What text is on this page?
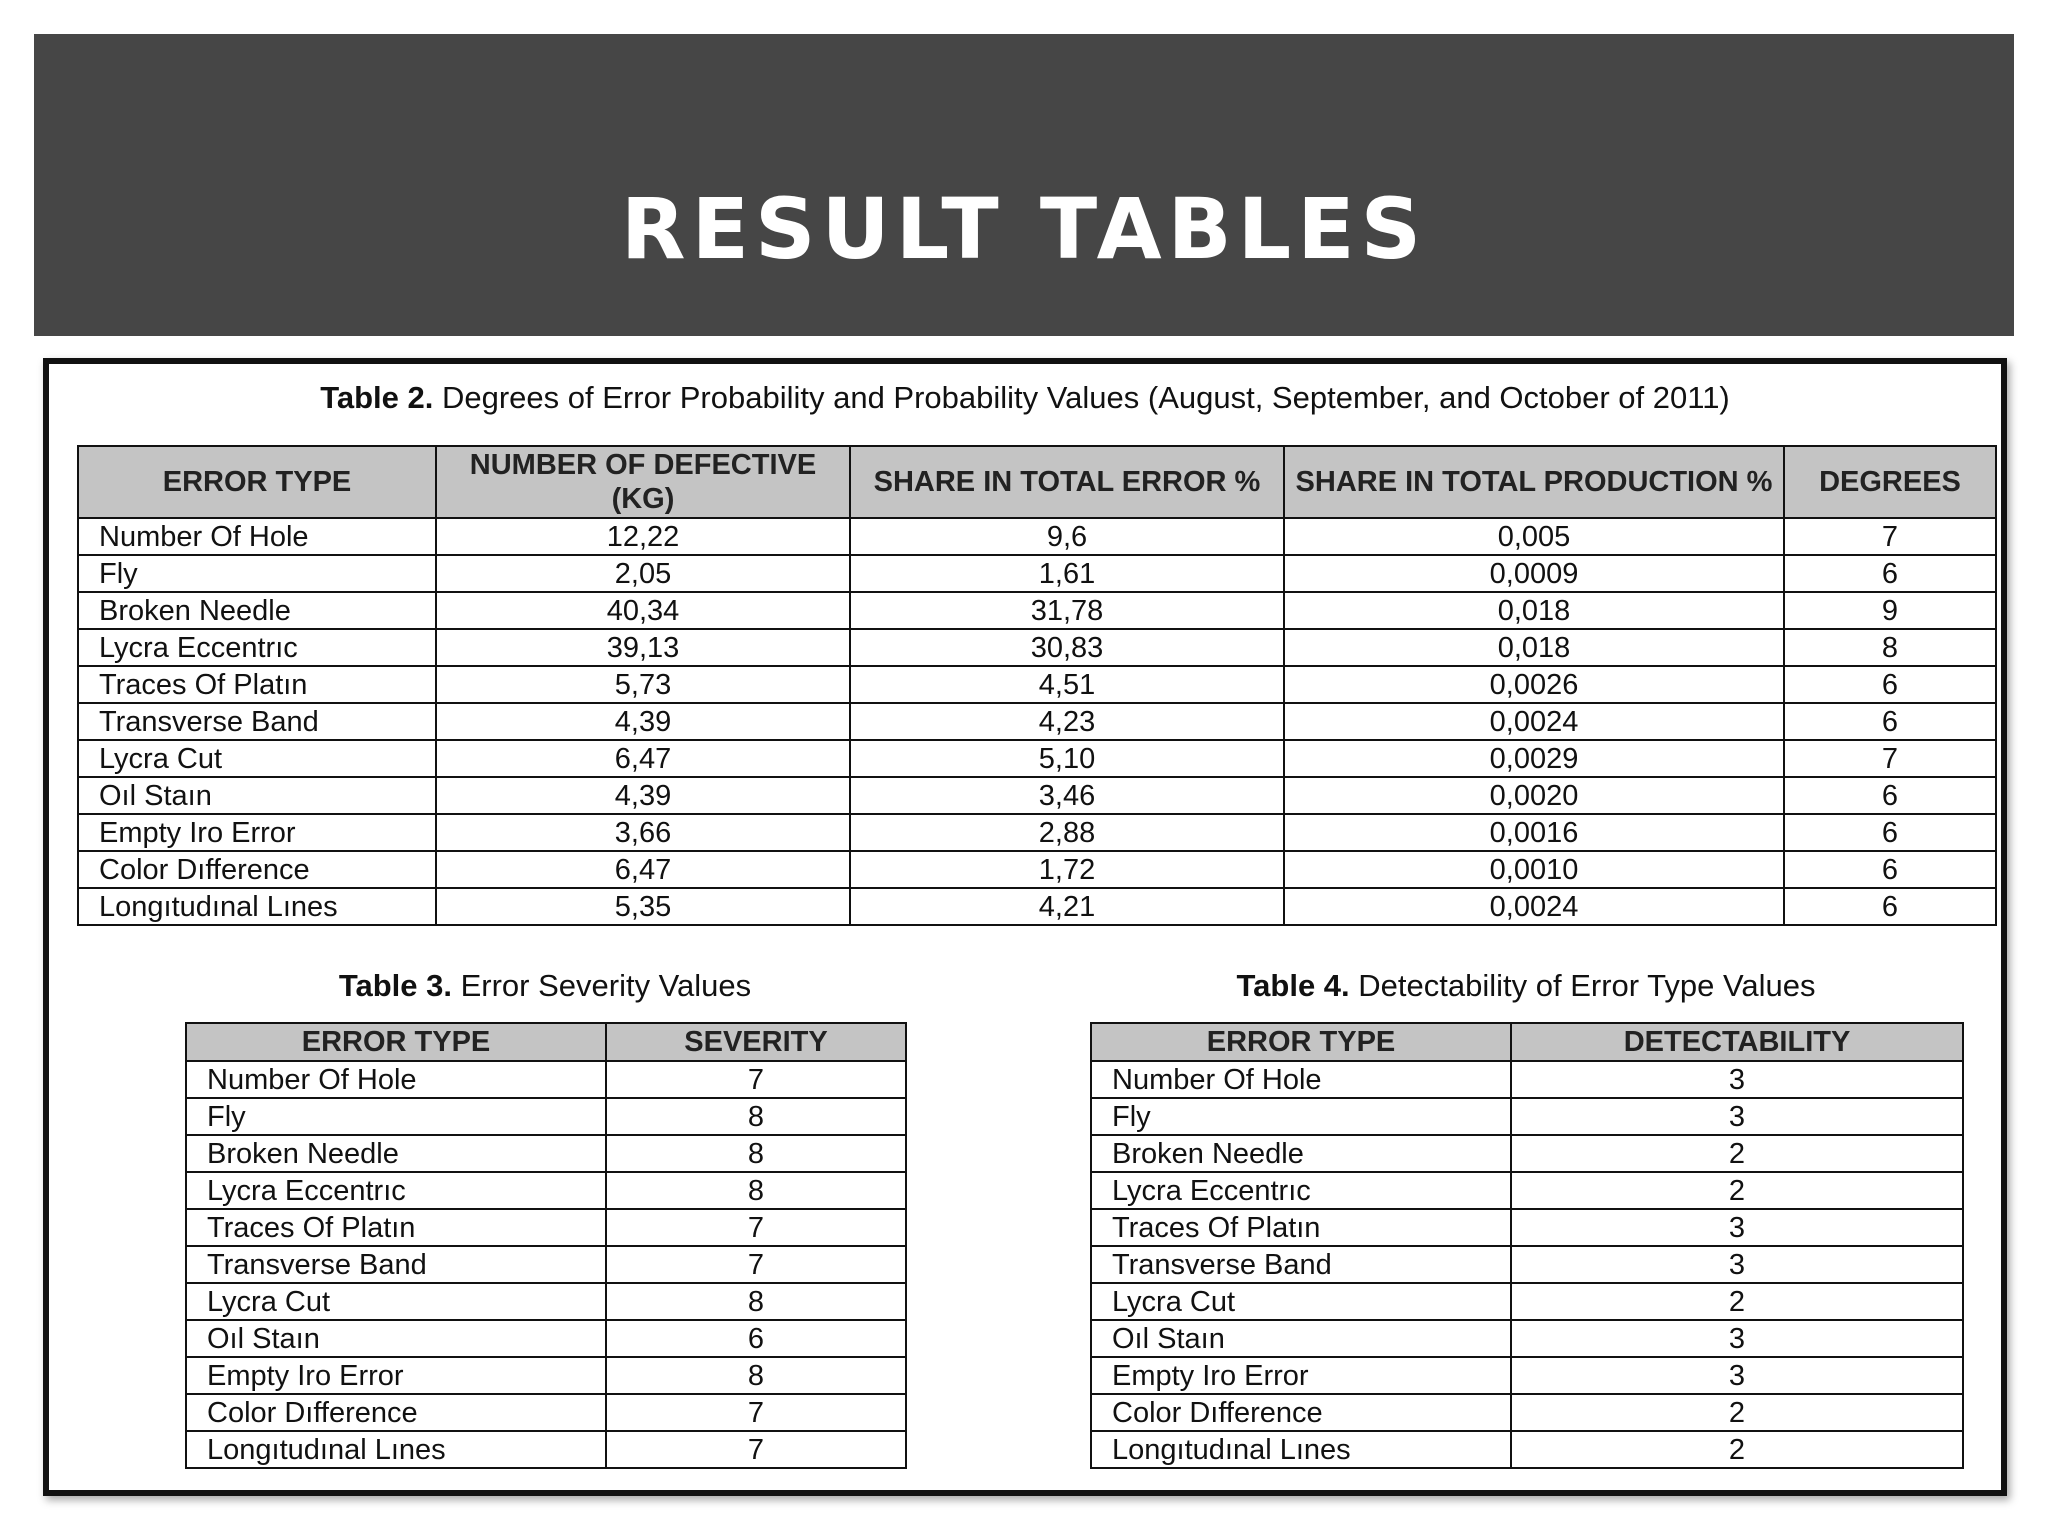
RESULT TABLES
Table 2. Degrees of Error Probability and Probability Values (August, September, and October of 2011)
ERROR TYPE	NUMBER OF DEFECTIVE (KG)	SHARE IN TOTAL ERROR %	SHARE IN TOTAL PRODUCTION %	DEGREES
Number Of Hole	12,22	9,6	0,005	7
Fly	2,05	1,61	0,0009	6
Broken Needle	40,34	31,78	0,018	9
Lycra Eccentrıc	39,13	30,83	0,018	8
Traces Of Platın	5,73	4,51	0,0026	6
Transverse Band	4,39	4,23	0,0024	6
Lycra Cut	6,47	5,10	0,0029	7
Oıl Staın	4,39	3,46	0,0020	6
Empty Iro Error	3,66	2,88	0,0016	6
Color Dıfference	6,47	1,72	0,0010	6
Longıtudınal Lınes	5,35	4,21	0,0024	6
Table 3. Error Severity Values
ERROR TYPE	SEVERITY
Number Of Hole	7
Fly	8
Broken Needle	8
Lycra Eccentrıc	8
Traces Of Platın	7
Transverse Band	7
Lycra Cut	8
Oıl Staın	6
Empty Iro Error	8
Color Dıfference	7
Longıtudınal Lınes	7
Table 4. Detectability of Error Type Values
ERROR TYPE	DETECTABILITY
Number Of Hole	3
Fly	3
Broken Needle	2
Lycra Eccentrıc	2
Traces Of Platın	3
Transverse Band	3
Lycra Cut	2
Oıl Staın	3
Empty Iro Error	3
Color Dıfference	2
Longıtudınal Lınes	2
